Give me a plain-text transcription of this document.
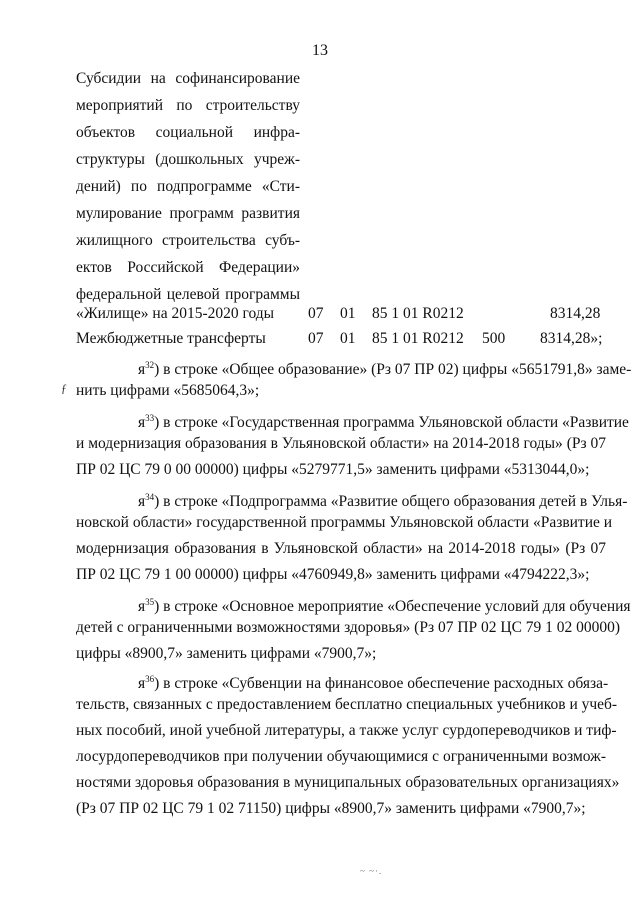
13
Субсидии на софинансирование
мероприятий по строительству
объектов социальной инфра-
структуры (дошкольных учреж-
дений) по подпрограмме «Сти-
мулирование программ развития
жилищного строительства субъ-
ектов Российской Федерации»
федеральной целевой программы
«Жилище» на 2015-2020 годы	07 01 85 1 01 R0212	8314,28
Межбюджетные трансферты	07 01 85 1 01 R0212 500 8314,28»;
ƒ
$я^{32}$) в строке «Общее образование» (Рз 07 ПР 02) цифры «5651791,8» заме-
нить цифрами «5685064,3»;
$я^{33}$) в строке «Государственная программа Ульяновской области «Развитие
и модернизация образования в Ульяновской области» на 2014-2018 годы» (Рз 07
ПР 02 ЦС 79 0 00 00000) цифры «5279771,5» заменить цифрами «5313044,0»;
$я^{34}$) в строке «Подпрограмма «Развитие общего образования детей в Улья-
новской области» государственной программы Ульяновской области «Развитие и
модернизация образования в Ульяновской области» на 2014-2018 годы» (Рз 07
ПР 02 ЦС 79 1 00 00000) цифры «4760949,8» заменить цифрами «4794222,3»;
$я^{35}$) в строке «Основное мероприятие «Обеспечение условий для обучения
детей с ограниченными возможностями здоровья» (Рз 07 ПР 02 ЦС 79 1 02 00000)
цифры «8900,7» заменить цифрами «7900,7»;
$я^{36}$) в строке «Субвенции на финансовое обеспечение расходных обяза-
тельств, связанных с предоставлением бесплатно специальных учебников и учеб-
ных пособий, иной учебной литературы, а также услуг сурдопереводчиков и тиф-
лосурдопереводчиков при получении обучающимися с ограниченными возмож-
ностями здоровья образования в муниципальных образовательных организациях»
(Рз 07 ПР 02 ЦС 79 1 02 71150) цифры «8900,7» заменить цифрами «7900,7»;
~ ~·.
